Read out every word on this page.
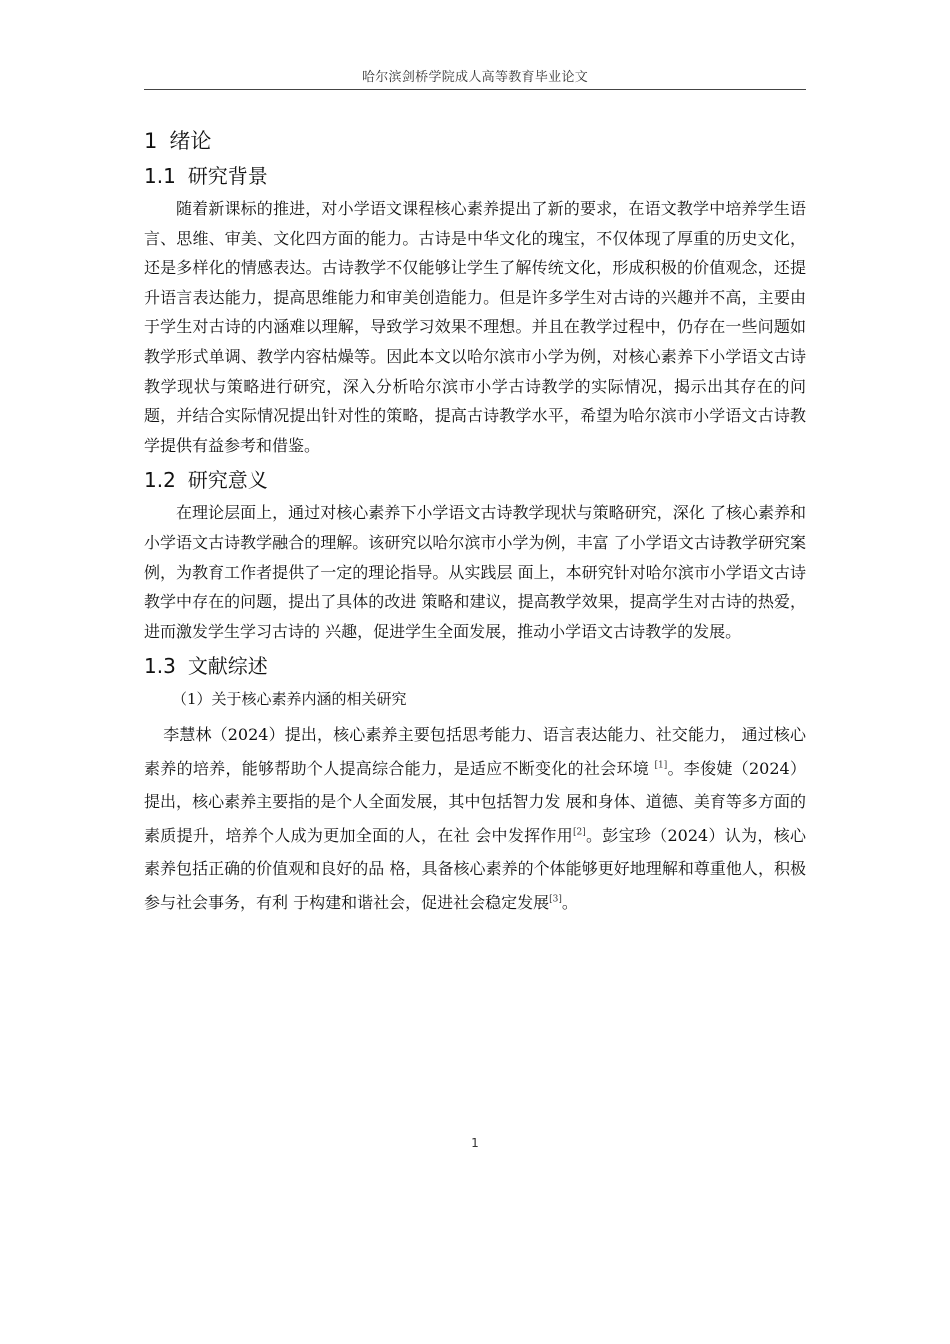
哈尔滨剑桥学院成人高等教育毕业论文
1 绪论
1.1 研究背景

随着新课标的推进，对小学语文课程核心素养提出了新的要求，在语文教学中培养学生语言、思维、审美、文化四方面的能力。古诗是中华文化的瑰宝，不仅体现了厚重的历史文化，还是多样化的情感表达。古诗教学不仅能够让学生了解传统文化，形成积极的价值观念，还提升语言表达能力，提高思维能力和审美创造能力。但是许多学生对古诗的兴趣并不高，主要由于学生对古诗的内涵难以理解，导致学习效果不理想。并且在教学过程中，仍存在一些问题如教学形式单调、教学内容枯燥等。因此本文以哈尔滨市小学为例，对核心素养下小学语文古诗教学现状与策略进行研究，深入分析哈尔滨市小学古诗教学的实际情况，揭示出其存在的问题，并结合实际情况提出针对性的策略，提高古诗教学水平，希望为哈尔滨市小学语文古诗教学提供有益参考和借鉴。

1.2 研究意义

在理论层面上，通过对核心素养下小学语文古诗教学现状与策略研究，深化 了核心素养和小学语文古诗教学融合的理解。该研究以哈尔滨市小学为例，丰富 了小学语文古诗教学研究案例，为教育工作者提供了一定的理论指导。从实践层 面上，本研究针对哈尔滨市小学语文古诗教学中存在的问题，提出了具体的改进 策略和建议，提高教学效果，提高学生对古诗的热爱，进而激发学生学习古诗的 兴趣，促进学生全面发展，推动小学语文古诗教学的发展。

1.3 文献综述
（1）关于核心素养内涵的相关研究

李慧林（2024）提出，核心素养主要包括思考能力、语言表达能力、社交能力， 通过核心素养的培养，能够帮助个人提高综合能力，是适应不断变化的社会环境 [1]。李俊婕（2024）提出，核心素养主要指的是个人全面发展，其中包括智力发 展和身体、道德、美育等多方面的素质提升，培养个人成为更加全面的人，在社 会中发挥作用[2]。彭宝珍（2024）认为，核心素养包括正确的价值观和良好的品 格，具备核心素养的个体能够更好地理解和尊重他人，积极参与社会事务，有利 于构建和谐社会，促进社会稳定发展[3]。

1
